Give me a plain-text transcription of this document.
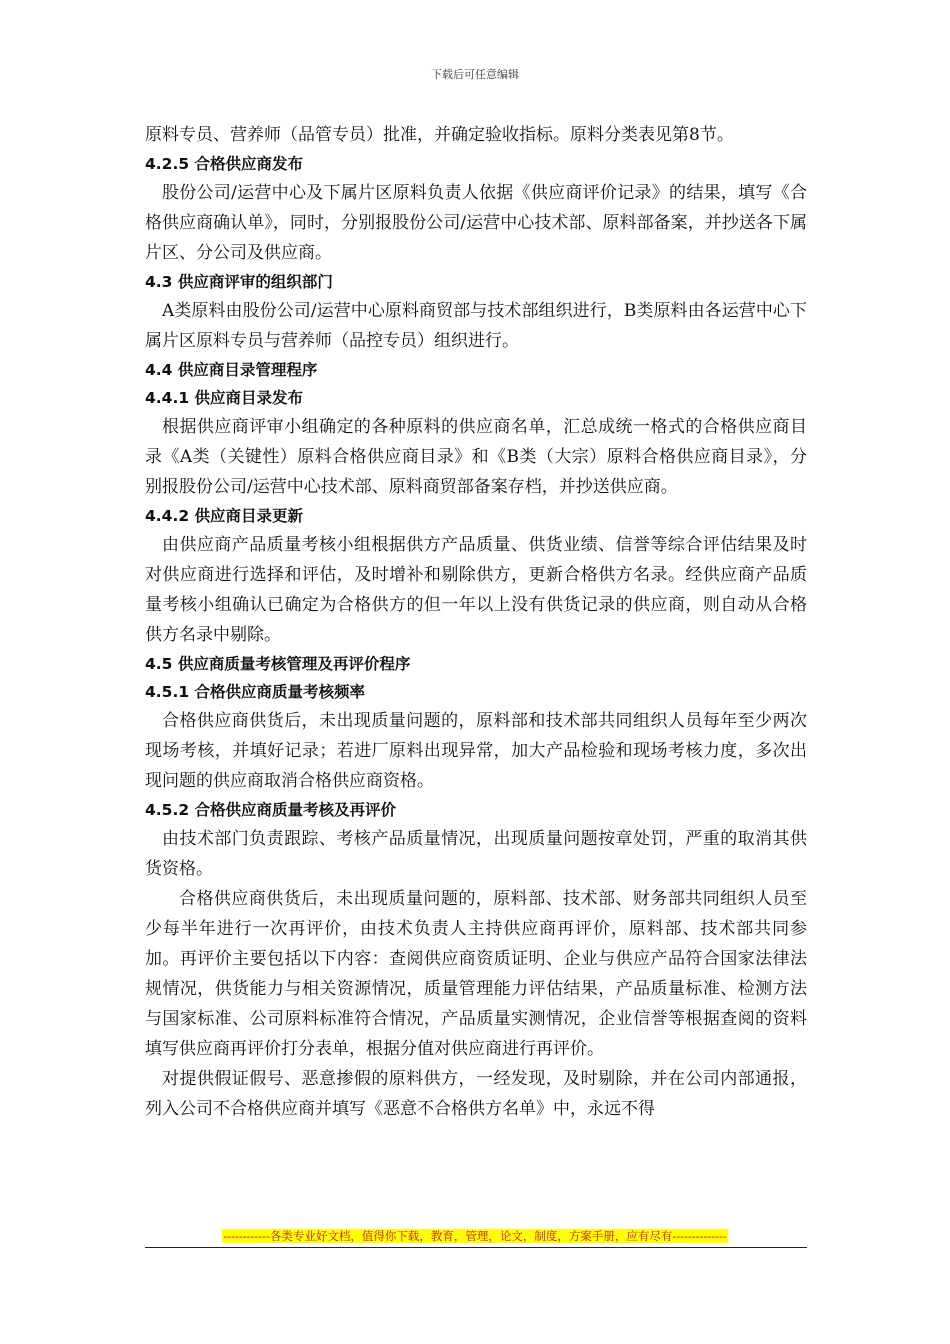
下载后可任意编辑

原料专员、营养师（品管专员）批准，并确定验收指标。原料分类表见第8节。

4.2.5 合格供应商发布

股份公司/运营中心及下属片区原料负责人依据《供应商评价记录》的结果，填写《合格供应商确认单》，同时，分别报股份公司/运营中心技术部、原料部备案，并抄送各下属片区、分公司及供应商。

4.3 供应商评审的组织部门

A类原料由股份公司/运营中心原料商贸部与技术部组织进行，B类原料由各运营中心下属片区原料专员与营养师（品控专员）组织进行。

4.4 供应商目录管理程序
4.4.1 供应商目录发布

根据供应商评审小组确定的各种原料的供应商名单，汇总成统一格式的合格供应商目录《A类（关键性）原料合格供应商目录》和《B类（大宗）原料合格供应商目录》，分别报股份公司/运营中心技术部、原料商贸部备案存档，并抄送供应商。

4.4.2 供应商目录更新

由供应商产品质量考核小组根据供方产品质量、供货业绩、信誉等综合评估结果及时对供应商进行选择和评估，及时增补和剔除供方，更新合格供方名录。经供应商产品质量考核小组确认已确定为合格供方的但一年以上没有供货记录的供应商，则自动从合格供方名录中剔除。

4.5 供应商质量考核管理及再评价程序
4.5.1 合格供应商质量考核频率

合格供应商供货后，未出现质量问题的，原料部和技术部共同组织人员每年至少两次现场考核，并填好记录；若进厂原料出现异常，加大产品检验和现场考核力度，多次出现问题的供应商取消合格供应商资格。

4.5.2 合格供应商质量考核及再评价

由技术部门负责跟踪、考核产品质量情况，出现质量问题按章处罚，严重的取消其供货资格。

合格供应商供货后，未出现质量问题的，原料部、技术部、财务部共同组织人员至少每半年进行一次再评价，由技术负责人主持供应商再评价，原料部、技术部共同参加。再评价主要包括以下内容：查阅供应商资质证明、企业与供应产品符合国家法律法规情况，供货能力与相关资源情况，质量管理能力评估结果，产品质量标准、检测方法与国家标准、公司原料标准符合情况，产品质量实测情况，企业信誉等根据查阅的资料填写供应商再评价打分表单，根据分值对供应商进行再评价。

对提供假证假号、恶意掺假的原料供方，一经发现，及时剔除，并在公司内部通报，列入公司不合格供应商并填写《恶意不合格供方名单》中，永远不得

------------各类专业好文档，值得你下载，教育，管理，论文，制度，方案手册，应有尽有--------------
